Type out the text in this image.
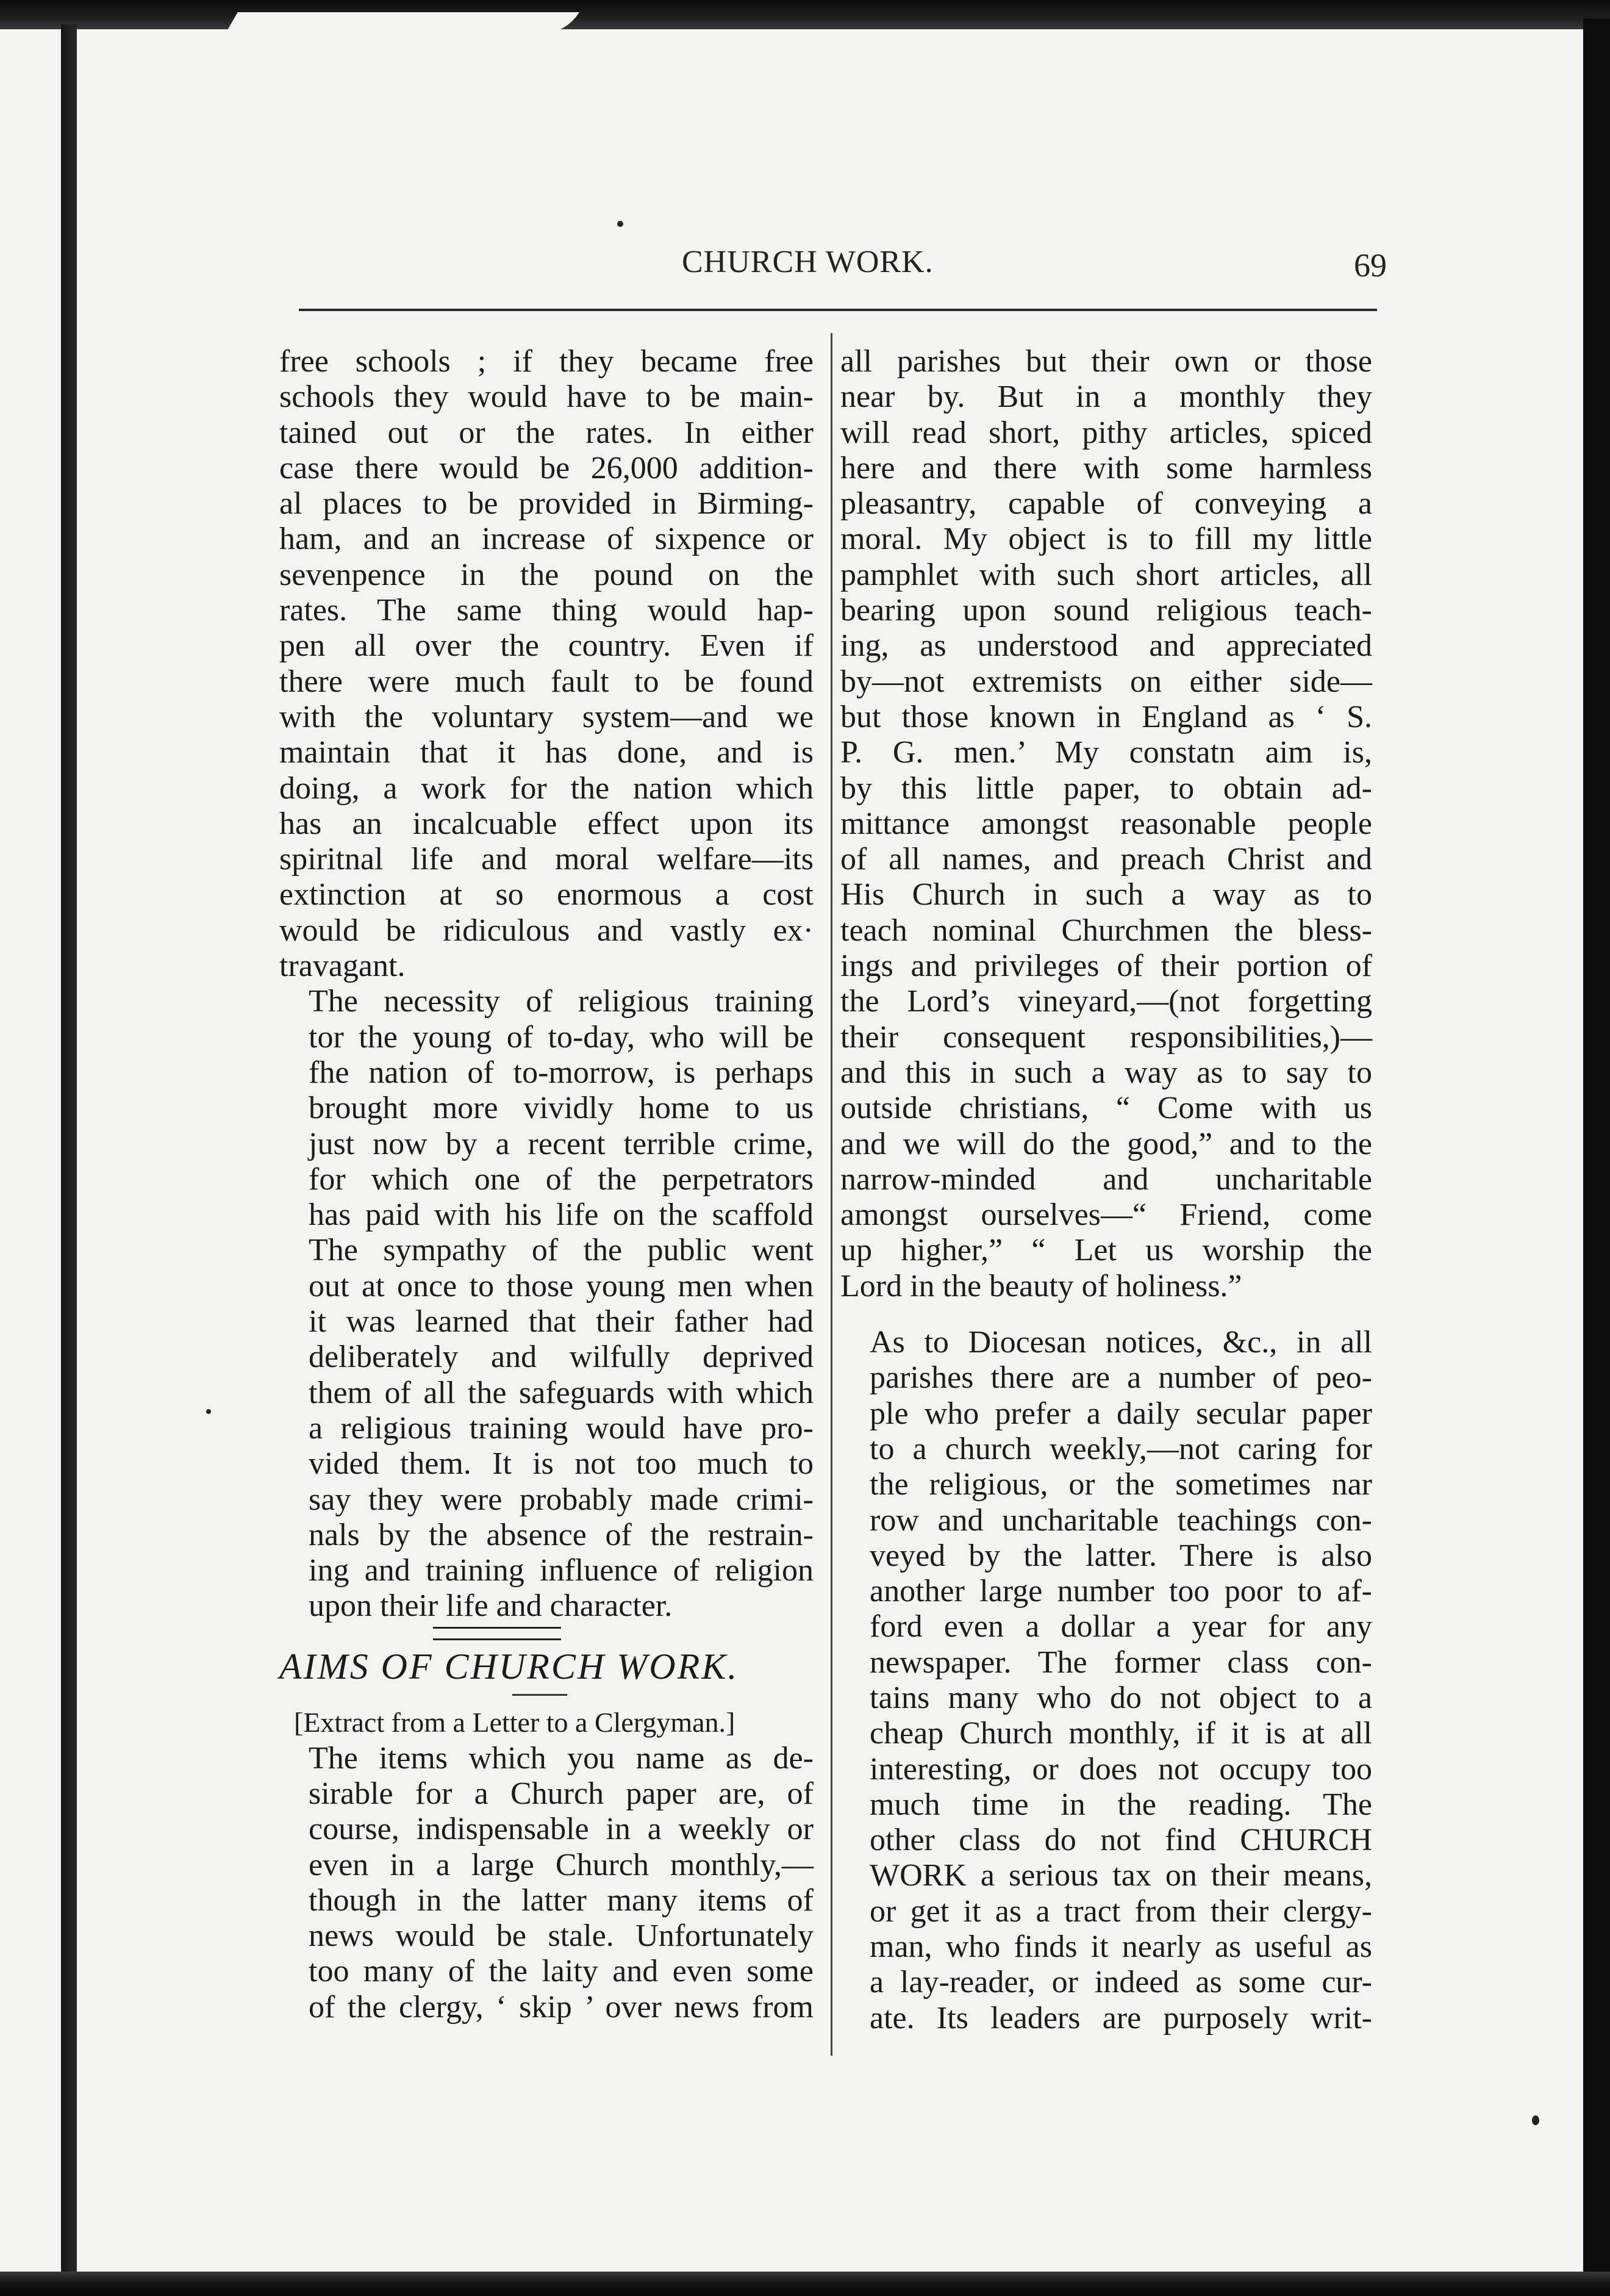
CHURCH WORK.	69

free schools ; if they became free
schools they would have to be main-
tained out or the rates. In either
case there would be 26,000 addition-
al places to be provided in Birming-
ham, and an increase of sixpence or
sevenpence in the pound on the
rates. The same thing would hap-
pen all over the country. Even if
there were much fault to be found
with the voluntary system—and we
maintain that it has done, and is
doing, a work for the nation which
has an incalcuable effect upon its
spiritnal life and moral welfare—its
extinction at so enormous a cost
would be ridiculous and vastly ex·
travagant.

The necessity of religious training
tor the young of to-day, who will be
fhe nation of to-morrow, is perhaps
brought more vividly home to us
just now by a recent terrible crime,
for which one of the perpetrators
has paid with his life on the scaffold
The sympathy of the public went
out at once to those young men when
it was learned that their father had
deliberately and wilfully deprived
them of all the safeguards with which
a religious training would have pro-
vided them. It is not too much to
say they were probably made crimi-
nals by the absence of the restrain-
ing and training influence of religion
upon their life and character.

AIMS OF CHURCH WORK.
[Extract from a Letter to a Clergyman.]

The items which you name as de-
sirable for a Church paper are, of
course, indispensable in a weekly or
even in a large Church monthly,—
though in the latter many items of
news would be stale. Unfortunately
too many of the laity and even some
of the clergy, ‘ skip ’ over news from

all parishes but their own or those
near by. But in a monthly they
will read short, pithy articles, spiced
here and there with some harmless
pleasantry, capable of conveying a
moral. My object is to fill my little
pamphlet with such short articles, all
bearing upon sound religious teach-
ing, as understood and appreciated
by—not extremists on either side—
but those known in England as ‘ S.
P. G. men.’ My constatn aim is,
by this little paper, to obtain ad-
mittance amongst reasonable people
of all names, and preach Christ and
His Church in such a way as to
teach nominal Churchmen the bless-
ings and privileges of their portion of
the Lord’s vineyard,—(not forgetting
their consequent responsibilities,)—
and this in such a way as to say to
outside christians, “ Come with us
and we will do the good,” and to the
narrow-minded and uncharitable
amongst ourselves—“ Friend, come
up higher,” “ Let us worship the
Lord in the beauty of holiness.”

As to Diocesan notices, &c., in all
parishes there are a number of peo-
ple who prefer a daily secular paper
to a church weekly,—not caring for
the religious, or the sometimes nar
row and uncharitable teachings con-
veyed by the latter. There is also
another large number too poor to af-
ford even a dollar a year for any
newspaper. The former class con-
tains many who do not object to a
cheap Church monthly, if it is at all
interesting, or does not occupy too
much time in the reading. The
other class do not find CHURCH
WORK a serious tax on their means,
or get it as a tract from their clergy-
man, who finds it nearly as useful as
a lay-reader, or indeed as some cur-
ate. Its leaders are purposely writ-
